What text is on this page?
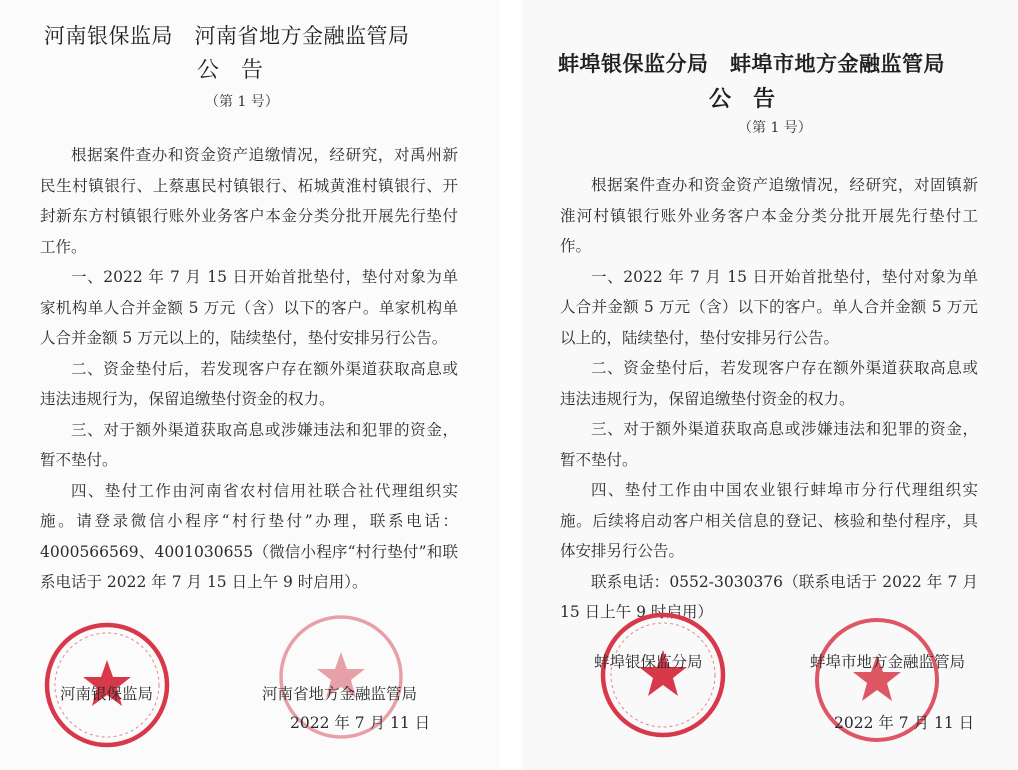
河南银保监局　河南省地方金融监管局
公　告
（第 1 号）

根据案件查办和资金资产追缴情况，经研究，对禹州新民生村镇银行、上蔡惠民村镇银行、柘城黄淮村镇银行、开封新东方村镇银行账外业务客户本金分类分批开展先行垫付工作。

一、2022 年 7 月 15 日开始首批垫付，垫付对象为单家机构单人合并金额 5 万元（含）以下的客户。单家机构单人合并金额 5 万元以上的，陆续垫付，垫付安排另行公告。

二、资金垫付后，若发现客户存在额外渠道获取高息或违法违规行为，保留追缴垫付资金的权力。

三、对于额外渠道获取高息或涉嫌违法和犯罪的资金，暂不垫付。

四、垫付工作由河南省农村信用社联合社代理组织实施。请登录微信小程序“村行垫付”办理，联系电话：4000566569、4001030655（微信小程序“村行垫付”和联系电话于 2022 年 7 月 15 日上午 9 时启用）。

河南银保监局	河南省地方金融监管局
2022 年 7 月 11 日
蚌埠银保监分局　蚌埠市地方金融监管局
公　告
（第 1 号）

根据案件查办和资金资产追缴情况，经研究，对固镇新淮河村镇银行账外业务客户本金分类分批开展先行垫付工作。

一、2022 年 7 月 15 日开始首批垫付，垫付对象为单人合并金额 5 万元（含）以下的客户。单人合并金额 5 万元以上的，陆续垫付，垫付安排另行公告。

二、资金垫付后，若发现客户存在额外渠道获取高息或违法违规行为，保留追缴垫付资金的权力。

三、对于额外渠道获取高息或涉嫌违法和犯罪的资金，暂不垫付。

四、垫付工作由中国农业银行蚌埠市分行代理组织实施。后续将启动客户相关信息的登记、核验和垫付程序，具体安排另行公告。

联系电话：0552-3030376（联系电话于 2022 年 7 月 15 日上午 9 时启用）

蚌埠银保监分局	蚌埠市地方金融监管局
2022 年 7 月 11 日
